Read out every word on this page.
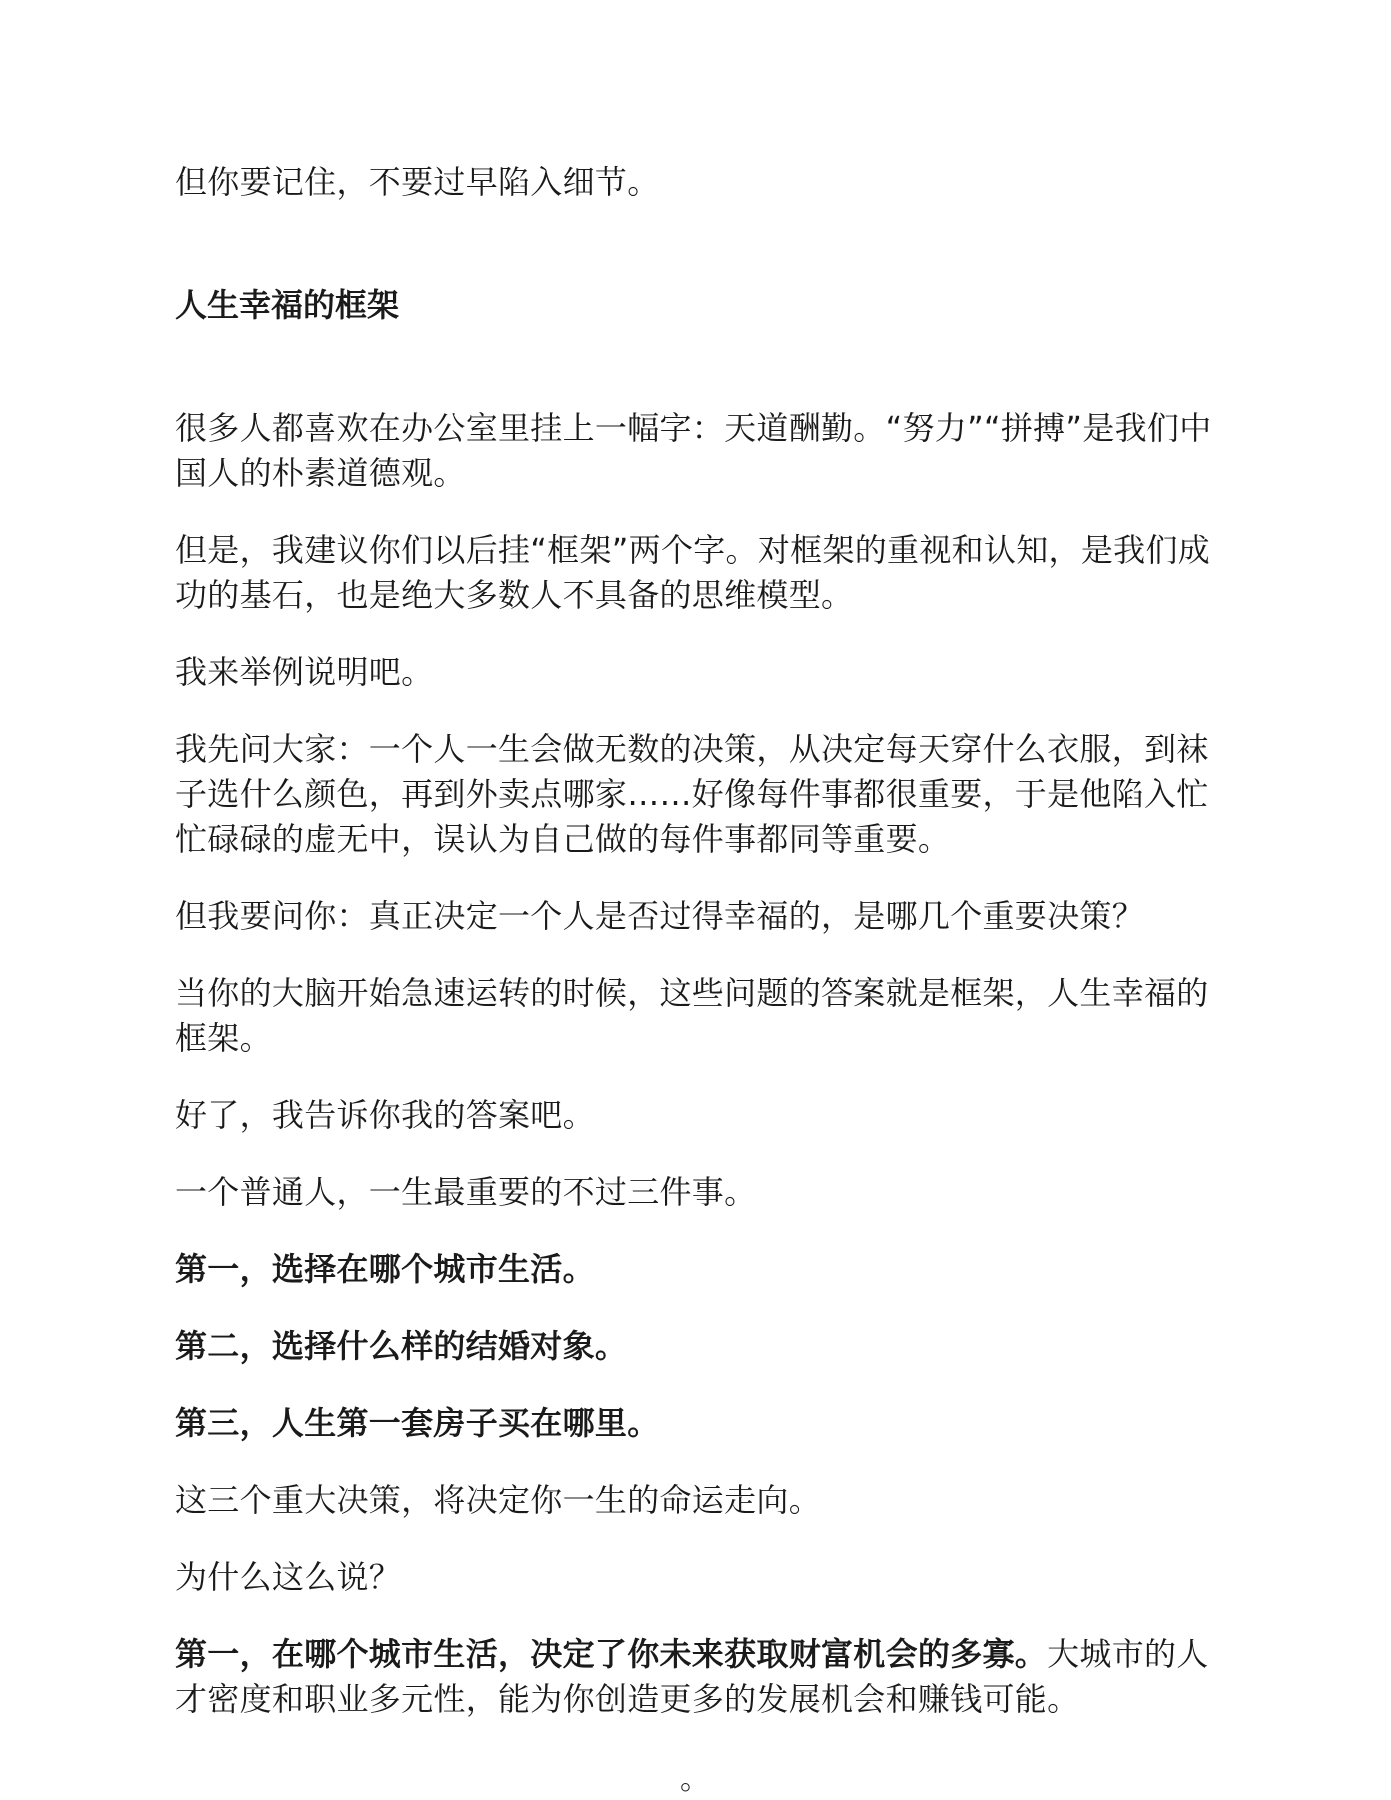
但你要记住，不要过早陷入细节。

人生幸福的框架

很多人都喜欢在办公室里挂上一幅字：天道酬勤。“努力”“拼搏”是我们中国人的朴素道德观。

但是，我建议你们以后挂“框架”两个字。对框架的重视和认知，是我们成功的基石，也是绝大多数人不具备的思维模型。

我来举例说明吧。

我先问大家：一个人一生会做无数的决策，从决定每天穿什么衣服，到袜子选什么颜色，再到外卖点哪家……好像每件事都很重要，于是他陷入忙忙碌碌的虚无中，误认为自己做的每件事都同等重要。

但我要问你：真正决定一个人是否过得幸福的，是哪几个重要决策？

当你的大脑开始急速运转的时候，这些问题的答案就是框架，人生幸福的框架。

好了，我告诉你我的答案吧。

一个普通人，一生最重要的不过三件事。

第一，选择在哪个城市生活。

第二，选择什么样的结婚对象。

第三，人生第一套房子买在哪里。

这三个重大决策，将决定你一生的命运走向。

为什么这么说？

第一，在哪个城市生活，决定了你未来获取财富机会的多寡。大城市的人才密度和职业多元性，能为你创造更多的发展机会和赚钱可能。

。
